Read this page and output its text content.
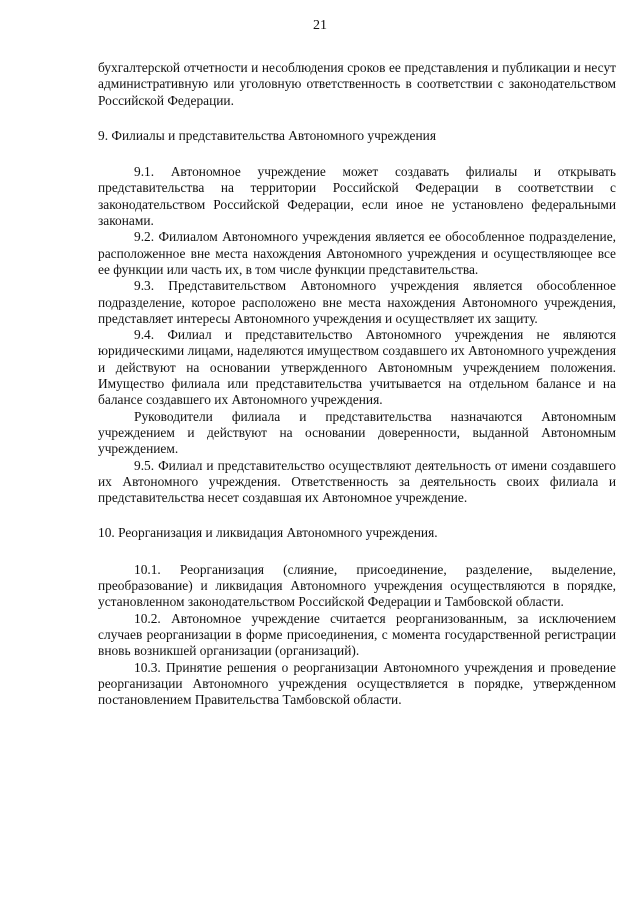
21

бухгалтерской отчетности и несоблюдения сроков ее представления и публикации и несут административную или уголовную ответственность в соответствии с законодательством Российской Федерации.

9. Филиалы и представительства Автономного учреждения

9.1. Автономное учреждение может создавать филиалы и открывать представительства на территории Российской Федерации в соответствии с законодательством Российской Федерации, если иное не установлено федеральными законами.

9.2. Филиалом Автономного учреждения является ее обособленное подразделение, расположенное вне места нахождения Автономного учреждения и осуществляющее все ее функции или часть их, в том числе функции представительства.

9.3. Представительством Автономного учреждения является обособленное подразделение, которое расположено вне места нахождения Автономного учреждения, представляет интересы Автономного учреждения и осуществляет их защиту.

9.4. Филиал и представительство Автономного учреждения не являются юридическими лицами, наделяются имуществом создавшего их Автономного учреждения и действуют на основании утвержденного Автономным учреждением положения. Имущество филиала или представительства учитывается на отдельном балансе и на балансе создавшего их Автономного учреждения.

Руководители филиала и представительства назначаются Автономным учреждением и действуют на основании доверенности, выданной Автономным учреждением.

9.5. Филиал и представительство осуществляют деятельность от имени создавшего их Автономного учреждения. Ответственность за деятельность своих филиала и представительства несет создавшая их Автономное учреждение.

10. Реорганизация и ликвидация Автономного учреждения.

10.1. Реорганизация (слияние, присоединение, разделение, выделение, преобразование) и ликвидация Автономного учреждения осуществляются в порядке, установленном законодательством Российской Федерации и Тамбовской области.

10.2. Автономное учреждение считается реорганизованным, за исключением случаев реорганизации в форме присоединения, с момента государственной регистрации вновь возникшей организации (организаций).

10.3. Принятие решения о реорганизации Автономного учреждения и проведение реорганизации Автономного учреждения осуществляется в порядке, утвержденном постановлением Правительства Тамбовской области.
